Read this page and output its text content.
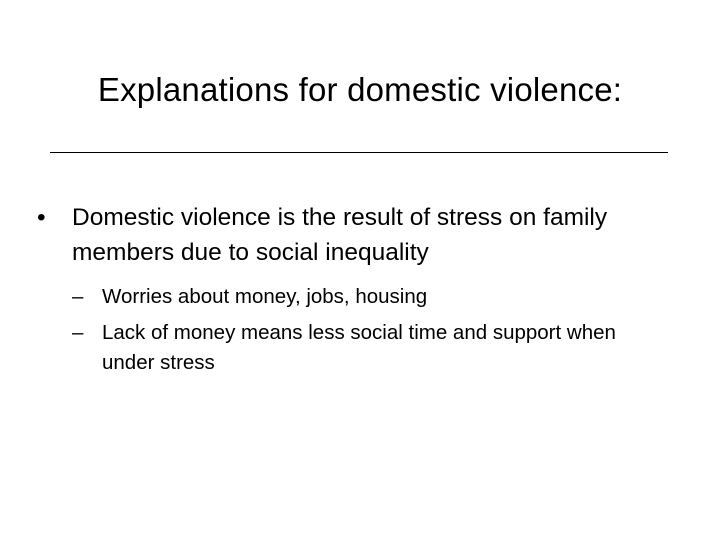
Explanations for domestic violence:
•	Domestic violence is the result of stress on family members due to social inequality
– Worries about money, jobs, housing
– Lack of money means less social time and support when under stress
